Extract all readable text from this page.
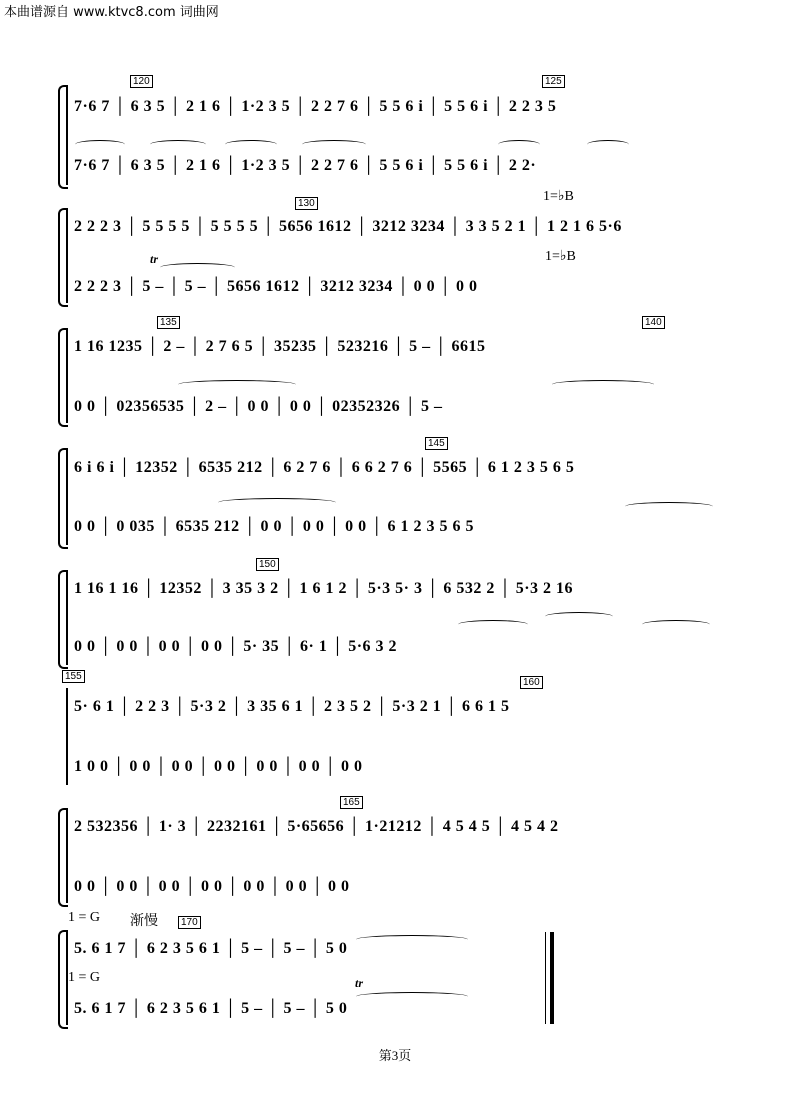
本曲谱源自 www.ktvc8.com 词曲网
120	125
7·6 7 │ 6 3 5 │ 2 1 6 │ 1·2 3 5 │ 2 2 7 6 │ 5 5 6 i │ 5 5 6 i │ 2 2 3 5
7·6 7 │ 6 3 5 │ 2 1 6 │ 1·2 3 5 │ 2 2 7 6 │ 5 5 6 i │ 5 5 6 i │ 2 2·
1=♭B
130
2 2 2 3 │ 5 5 5 5 │ 5 5 5 5 │ 5656 1612 │ 3212 3234 │ 3 3 5 2 1 │ 1 2 1 6 5·6
2 2 2 3 │ 5 – │ 5 – │ 5656 1612 │ 3212 3234 │ 0 0 │ 0 0
tr	1=♭B
135	140
1 16 1235 │ 2 – │ 2 7 6 5 │ 35235 │ 523216 │ 5 – │ 6615
0 0 │ 02356535 │ 2 – │ 0 0 │ 0 0 │ 02352326 │ 5 –
145
6 i 6 i │ 12352 │ 6535 212 │ 6 2 7 6 │ 6 6 2 7 6 │ 5565 │ 6 1 2 3 5 6 5
0 0 │ 0 035 │ 6535 212 │ 0 0 │ 0 0 │ 0 0 │ 6 1 2 3 5 6 5
150
1 16 1 16 │ 12352 │ 3 35 3 2 │ 1 6 1 2 │ 5·3 5· 3 │ 6 532 2 │ 5·3 2 16
0 0 │ 0 0 │ 0 0 │ 0 0 │ 5· 35 │ 6· 1 │ 5·6 3 2
155
160
5· 6 1 │ 2 2 3 │ 5·3 2 │ 3 35 6 1 │ 2 3 5 2 │ 5·3 2 1 │ 6 6 1 5
1 0 0 │ 0 0 │ 0 0 │ 0 0 │ 0 0 │ 0 0 │ 0 0
165
2 532356 │ 1· 3 │ 2232161 │ 5·65656 │ 1·21212 │ 4 5 4 5 │ 4 5 4 2
0 0 │ 0 0 │ 0 0 │ 0 0 │ 0 0 │ 0 0 │ 0 0
1 = G 渐慢	170
5. 6 1 7 │ 6 2 3 5 6 1 │ 5 – │ 5 – │ 5 0
1 = G
5. 6 1 7 │ 6 2 3 5 6 1 │ 5 – │ 5 – │ 5 0
tr
第3页
